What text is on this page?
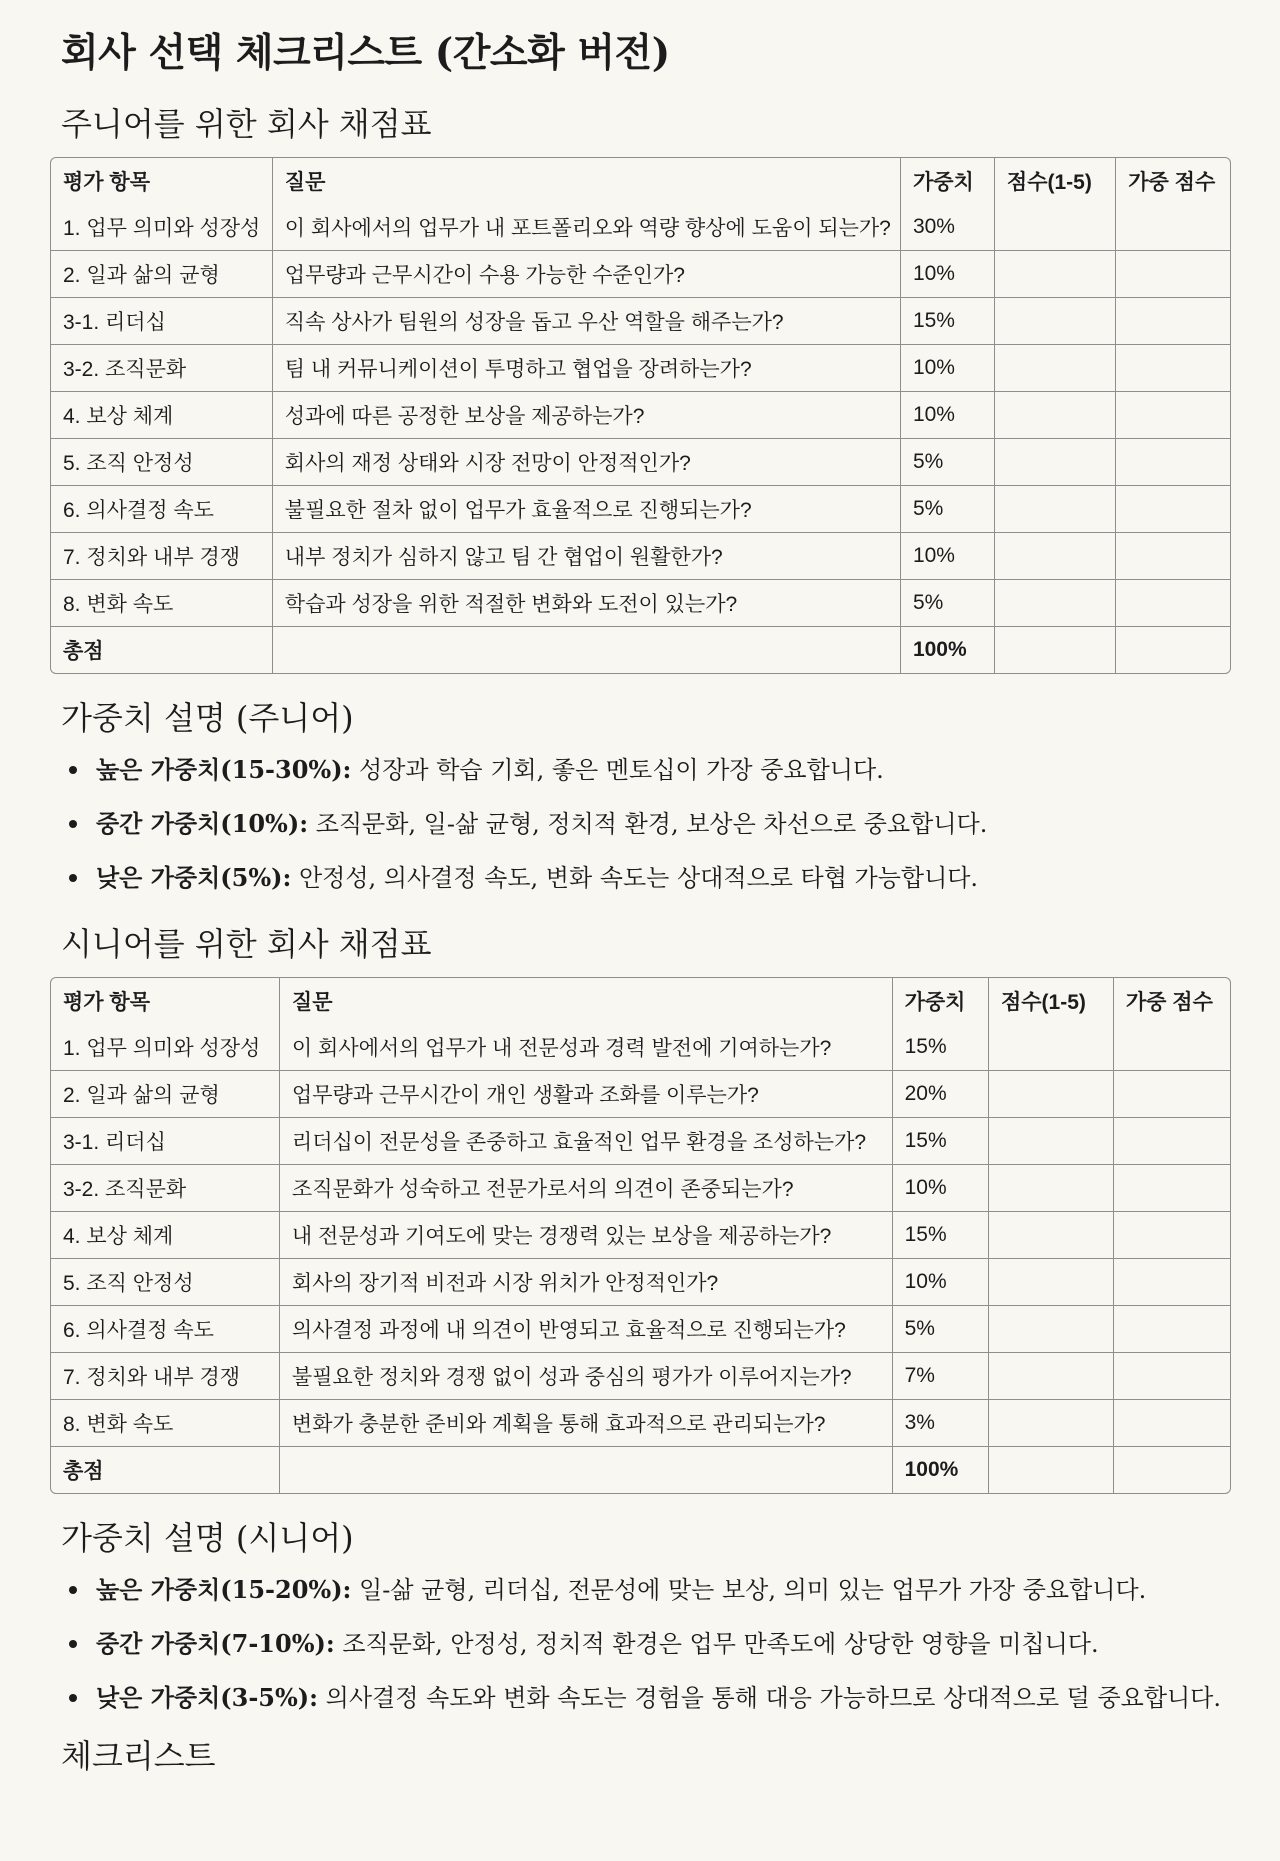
회사 선택 체크리스트 (간소화 버전)
주니어를 위한 회사 채점표
평가 항목	질문	가중치	점수(1-5)	가중 점수
1. 업무 의미와 성장성	이 회사에서의 업무가 내 포트폴리오와 역량 향상에 도움이 되는가?	30%		
2. 일과 삶의 균형	업무량과 근무시간이 수용 가능한 수준인가?	10%		
3-1. 리더십	직속 상사가 팀원의 성장을 돕고 우산 역할을 해주는가?	15%		
3-2. 조직문화	팀 내 커뮤니케이션이 투명하고 협업을 장려하는가?	10%		
4. 보상 체계	성과에 따른 공정한 보상을 제공하는가?	10%		
5. 조직 안정성	회사의 재정 상태와 시장 전망이 안정적인가?	5%		
6. 의사결정 속도	불필요한 절차 없이 업무가 효율적으로 진행되는가?	5%		
7. 정치와 내부 경쟁	내부 정치가 심하지 않고 팀 간 협업이 원활한가?	10%		
8. 변화 속도	학습과 성장을 위한 적절한 변화와 도전이 있는가?	5%		
총점		100%		
가중치 설명 (주니어)
높은 가중치(15-30%): 성장과 학습 기회, 좋은 멘토십이 가장 중요합니다.
중간 가중치(10%): 조직문화, 일-삶 균형, 정치적 환경, 보상은 차선으로 중요합니다.
낮은 가중치(5%): 안정성, 의사결정 속도, 변화 속도는 상대적으로 타협 가능합니다.
시니어를 위한 회사 채점표
평가 항목	질문	가중치	점수(1-5)	가중 점수
1. 업무 의미와 성장성	이 회사에서의 업무가 내 전문성과 경력 발전에 기여하는가?	15%		
2. 일과 삶의 균형	업무량과 근무시간이 개인 생활과 조화를 이루는가?	20%		
3-1. 리더십	리더십이 전문성을 존중하고 효율적인 업무 환경을 조성하는가?	15%		
3-2. 조직문화	조직문화가 성숙하고 전문가로서의 의견이 존중되는가?	10%		
4. 보상 체계	내 전문성과 기여도에 맞는 경쟁력 있는 보상을 제공하는가?	15%		
5. 조직 안정성	회사의 장기적 비전과 시장 위치가 안정적인가?	10%		
6. 의사결정 속도	의사결정 과정에 내 의견이 반영되고 효율적으로 진행되는가?	5%		
7. 정치와 내부 경쟁	불필요한 정치와 경쟁 없이 성과 중심의 평가가 이루어지는가?	7%		
8. 변화 속도	변화가 충분한 준비와 계획을 통해 효과적으로 관리되는가?	3%		
총점		100%		
가중치 설명 (시니어)
높은 가중치(15-20%): 일-삶 균형, 리더십, 전문성에 맞는 보상, 의미 있는 업무가 가장 중요합니다.
중간 가중치(7-10%): 조직문화, 안정성, 정치적 환경은 업무 만족도에 상당한 영향을 미칩니다.
낮은 가중치(3-5%): 의사결정 속도와 변화 속도는 경험을 통해 대응 가능하므로 상대적으로 덜 중요합니다.
체크리스트
